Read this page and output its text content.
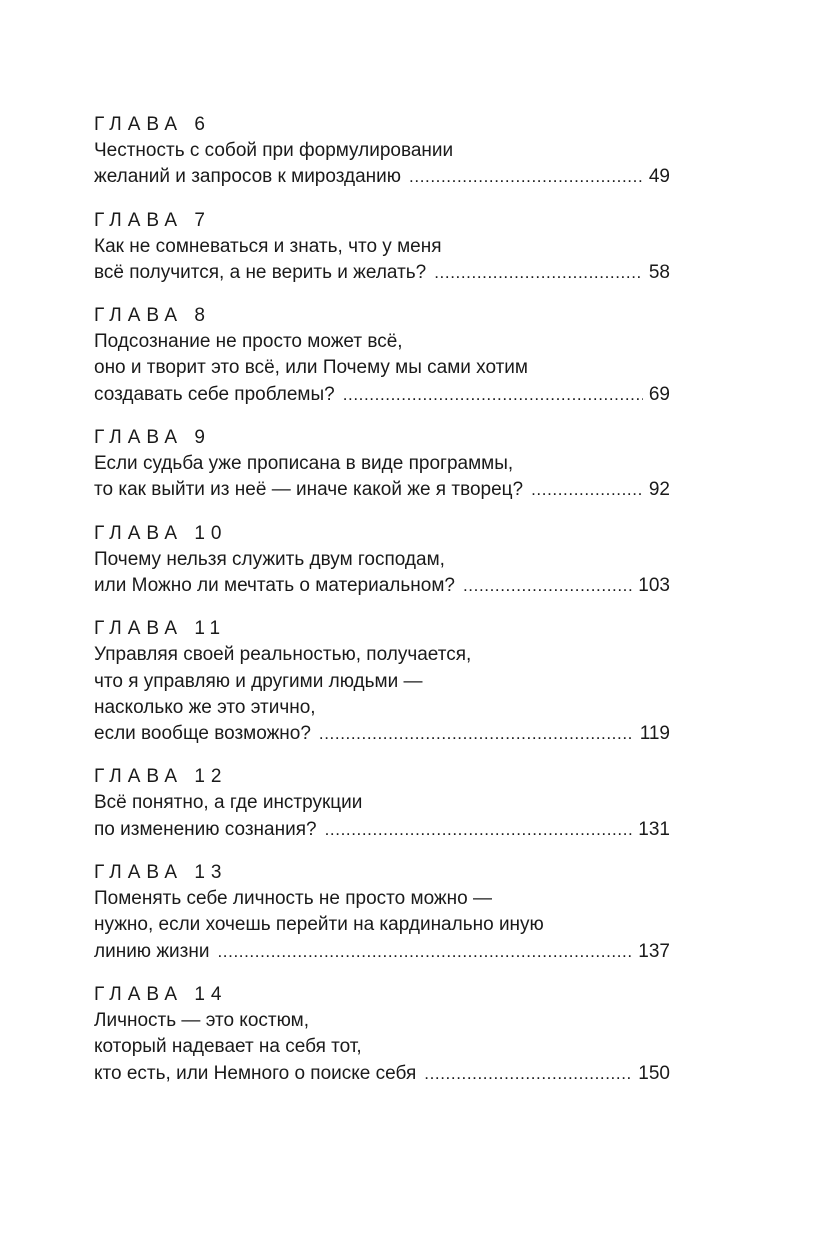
ГЛАВА 6
Честность с собой при формулировании
желаний и запросов к мирозданию .....	49
ГЛАВА 7
Как не сомневаться и знать, что у меня
всё получится, а не верить и желать? .....	58
ГЛАВА 8
Подсознание не просто может всё,
оно и творит это всё, или Почему мы сами хотим
создавать себе проблемы? .....	69
ГЛАВА 9
Если судьба уже прописана в виде программы,
то как выйти из неё — иначе какой же я творец? .....	92
ГЛАВА 10
Почему нельзя служить двум господам,
или Можно ли мечтать о материальном? .....	103
ГЛАВА 11
Управляя своей реальностью, получается,
что я управляю и другими людьми —
насколько же это этично,
если вообще возможно? .....	119
ГЛАВА 12
Всё понятно, а где инструкции
по изменению сознания? .....	131
ГЛАВА 13
Поменять себе личность не просто можно —
нужно, если хочешь перейти на кардинально иную
линию жизни .....	137
ГЛАВА 14
Личность — это костюм,
который надевает на себя тот,
кто есть, или Немного о поиске себя .....	150
